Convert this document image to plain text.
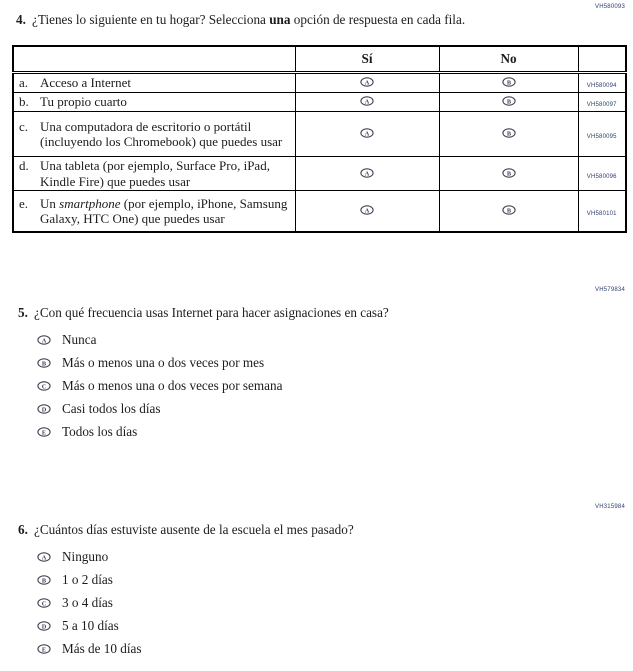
VH580093
4. ¿Tienes lo siguiente en tu hogar? Selecciona una opción de respuesta en cada fila.
	Sí	No	

a. Acceso a Internet	A	B	VH580094

b. Tu propio cuarto	A	B	VH580097

c. Una computadora de escritorio o portátil (incluyendo los Chromebook) que puedes usar	A	B	VH580095

d. Una tableta (por ejemplo, Surface Pro, iPad, Kindle Fire) que puedes usar	A	B	VH580096

e. Un smartphone (por ejemplo, iPhone, Samsung Galaxy, HTC One) que puedes usar	A	B	VH580101
VH579834
5. ¿Con qué frecuencia usas Internet para hacer asignaciones en casa?
A Nunca
B Más o menos una o dos veces por mes
C Más o menos una o dos veces por semana
D Casi todos los días
E Todos los días
VH315984
6. ¿Cuántos días estuviste ausente de la escuela el mes pasado?
A Ninguno
B 1 o 2 días
C 3 o 4 días
D 5 a 10 días
E Más de 10 días
